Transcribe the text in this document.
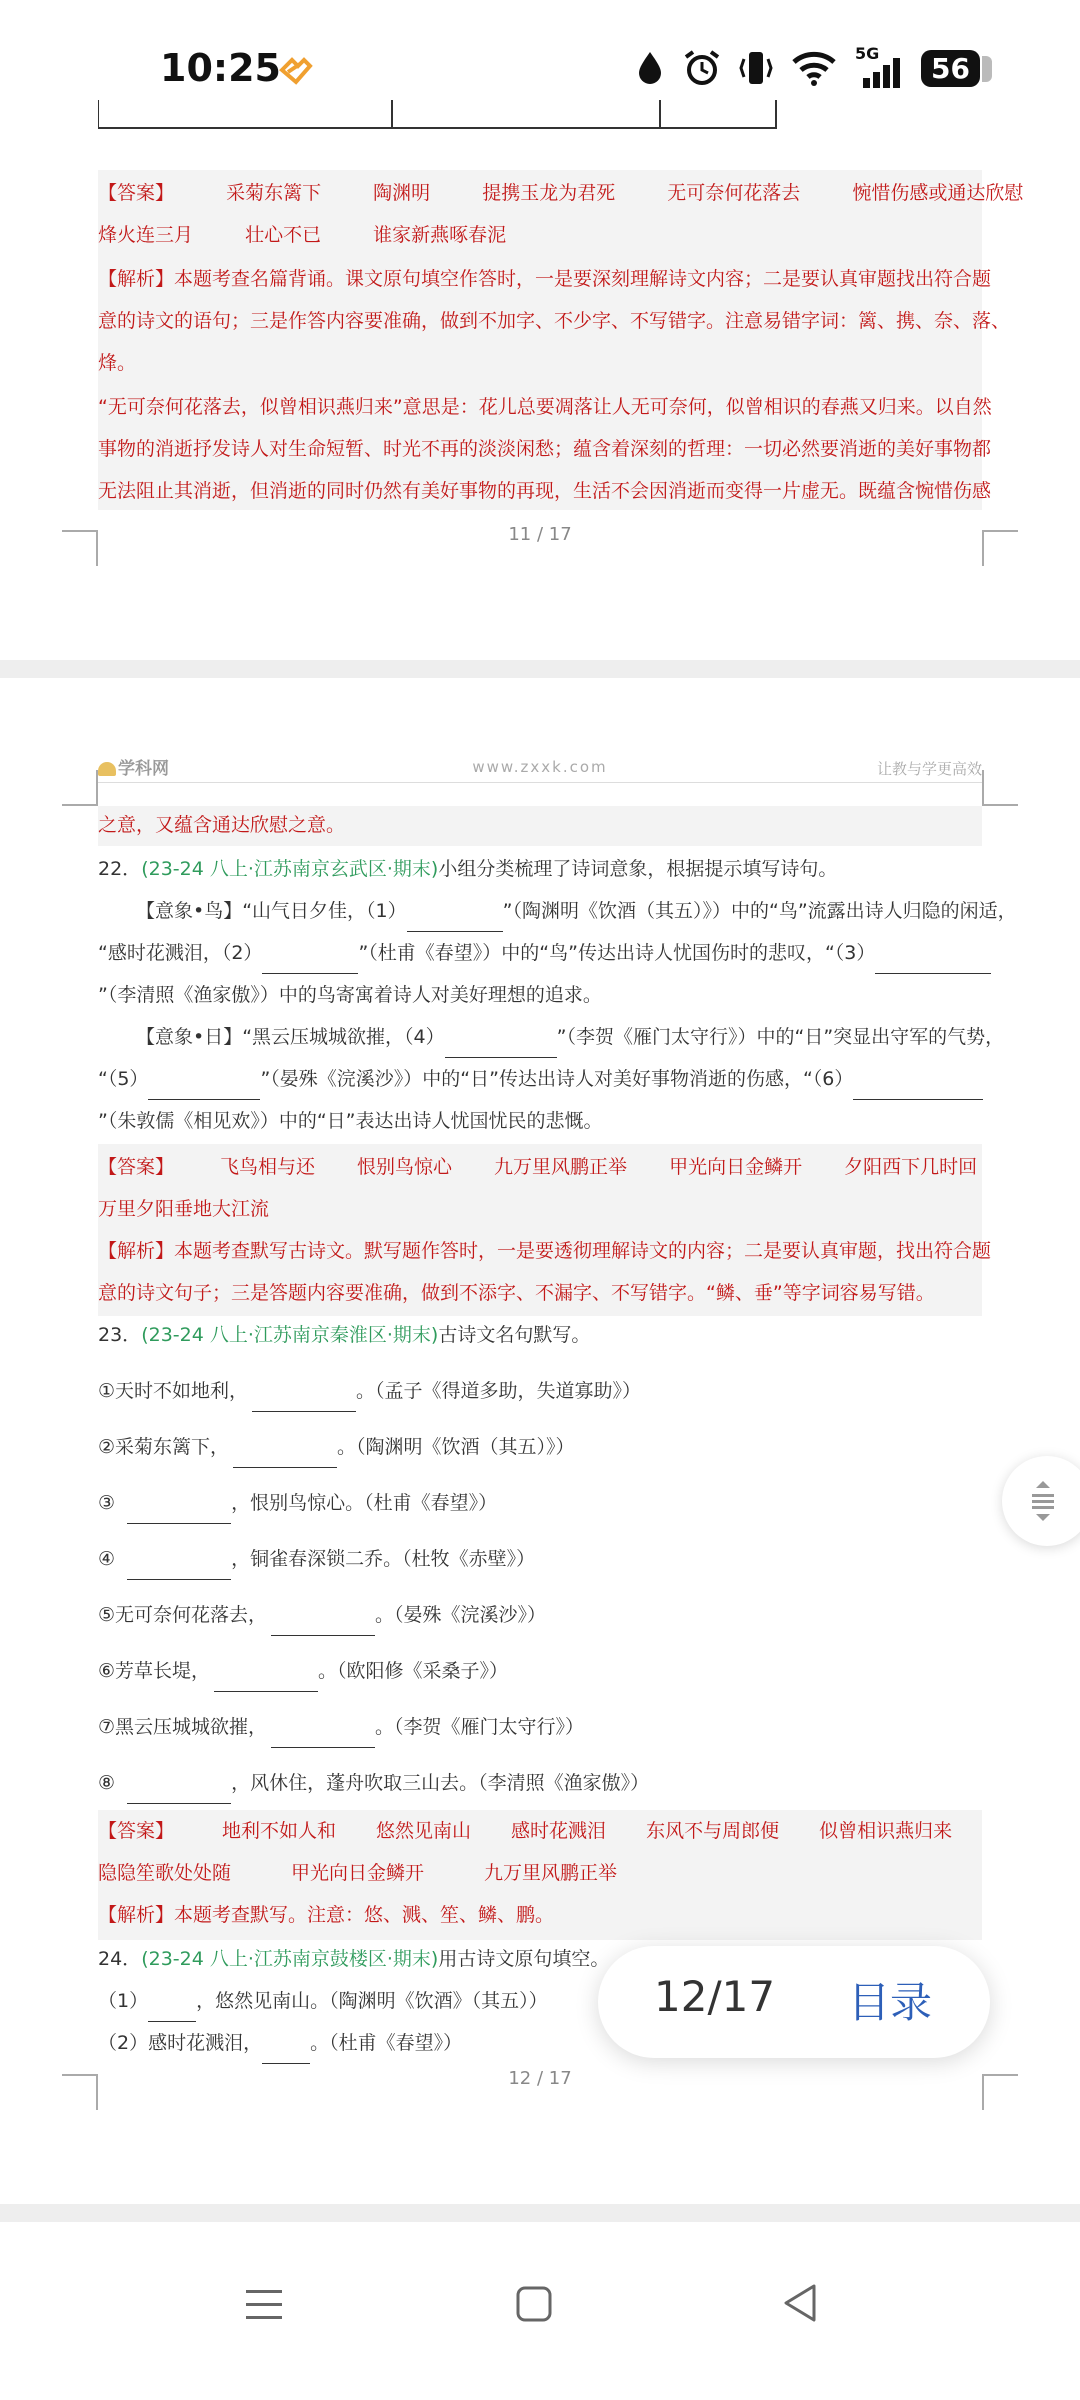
10:25	5G	56
【答案】	采菊东篱下	陶渊明	提携玉龙为君死	无可奈何花落去	惋惜伤感或通达欣慰
烽火连三月	壮心不已	谁家新燕啄春泥
【解析】本题考查名篇背诵。课文原句填空作答时，一是要深刻理解诗文内容；二是要认真审题找出符合题
意的诗文的语句；三是作答内容要准确，做到不加字、不少字、不写错字。注意易错字词：篱、携、奈、落、
烽。
“无可奈何花落去，似曾相识燕归来”意思是：花儿总要凋落让人无可奈何，似曾相识的春燕又归来。以自然
事物的消逝抒发诗人对生命短暂、时光不再的淡淡闲愁；蕴含着深刻的哲理：一切必然要消逝的美好事物都
无法阻止其消逝，但消逝的同时仍然有美好事物的再现，生活不会因消逝而变得一片虚无。既蕴含惋惜伤感
11 / 17
学科网	www.zxxk.com	让教与学更高效
之意，又蕴含通达欣慰之意。
22．(23-24 八上·江苏南京玄武区·期末)小组分类梳理了诗词意象，根据提示填写诗句。
【意象•鸟】“山气日夕佳，（1）	”（陶渊明《饮酒（其五）》）中的“鸟”流露出诗人归隐的闲适，
“感时花溅泪，（2）	”（杜甫《春望》）中的“鸟”传达出诗人忧国伤时的悲叹，“（3）
”（李清照《渔家傲》）中的鸟寄寓着诗人对美好理想的追求。
【意象•日】“黑云压城城欲摧，（4）	”（李贺《雁门太守行》）中的“日”突显出守军的气势，
“（5）	”（晏殊《浣溪沙》）中的“日”传达出诗人对美好事物消逝的伤感，“（6）
”（朱敦儒《相见欢》）中的“日”表达出诗人忧国忧民的悲慨。
【答案】 飞鸟相与还 恨别鸟惊心 九万里风鹏正举 甲光向日金鳞开 夕阳西下几时回
万里夕阳垂地大江流
【解析】本题考查默写古诗文。默写题作答时，一是要透彻理解诗文的内容；二是要认真审题，找出符合题
意的诗文句子；三是答题内容要准确，做到不添字、不漏字、不写错字。“鳞、垂”等字词容易写错。
23．(23-24 八上·江苏南京秦淮区·期末)古诗文名句默写。
①天时不如地利，	。（孟子《得道多助，失道寡助》）
②采菊东篱下，	。（陶渊明《饮酒（其五）》）
③	，恨别鸟惊心。（杜甫《春望》）
④	，铜雀春深锁二乔。（杜牧《赤壁》）
⑤无可奈何花落去，	。（晏殊《浣溪沙》）
⑥芳草长堤，	。（欧阳修《采桑子》）
⑦黑云压城城欲摧，	。（李贺《雁门太守行》）
⑧	，风休住，蓬舟吹取三山去。（李清照《渔家傲》）
【答案】	地利不如人和 悠然见南山 感时花溅泪 东风不与周郎便 似曾相识燕归来
隐隐笙歌处处随	甲光向日金鳞开	九万里风鹏正举
【解析】本题考查默写。注意：悠、溅、笙、鳞、鹏。
24．(23-24 八上·江苏南京鼓楼区·期末)用古诗文原句填空。
（1）	，悠然见南山。（陶渊明《饮酒》（其五））
（2）感时花溅泪，	。（杜甫《春望》）
12 / 17
12/17 目录
